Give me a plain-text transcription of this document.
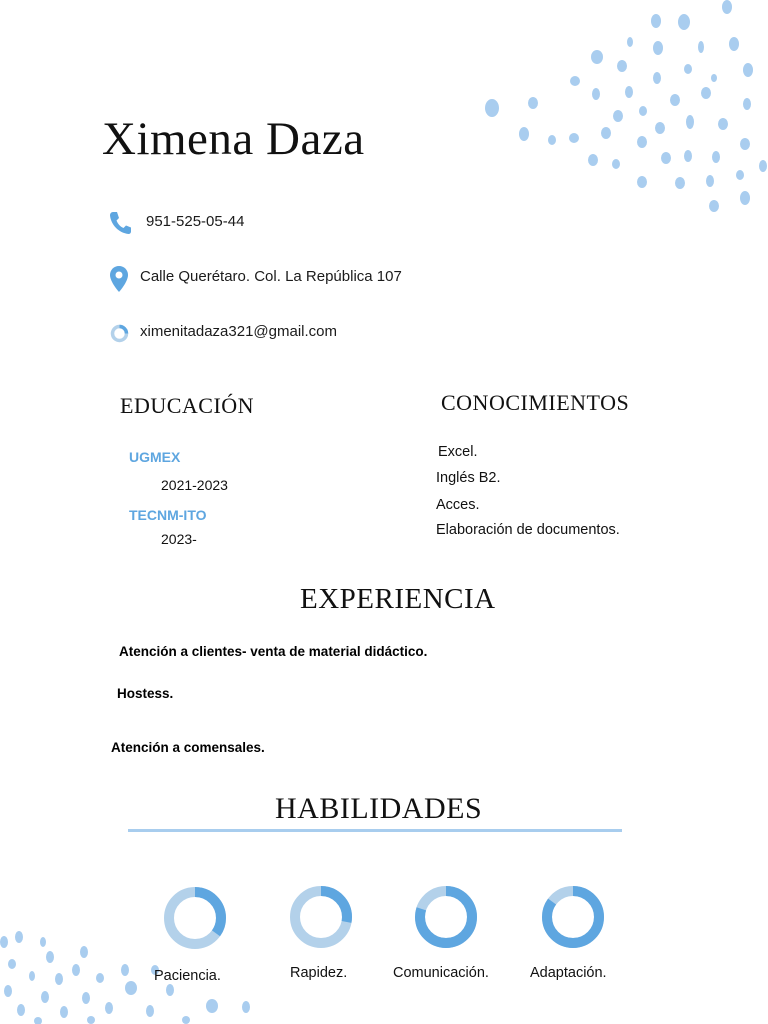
Ximena Daza
951-525-05-44
Calle Querétaro. Col. La República 107
ximenitadaza321@gmail.com
EDUCACIÓN
UGMEX
2021-2023
TECNM-ITO
2023-
CONOCIMIENTOS
Excel.
Inglés B2.
Acces.
Elaboración de documentos.
EXPERIENCIA
Atención a clientes- venta de material didáctico.
Hostess.
Atención a comensales.
HABILIDADES
Paciencia.	Rapidez.	Comunicación.	Adaptación.
